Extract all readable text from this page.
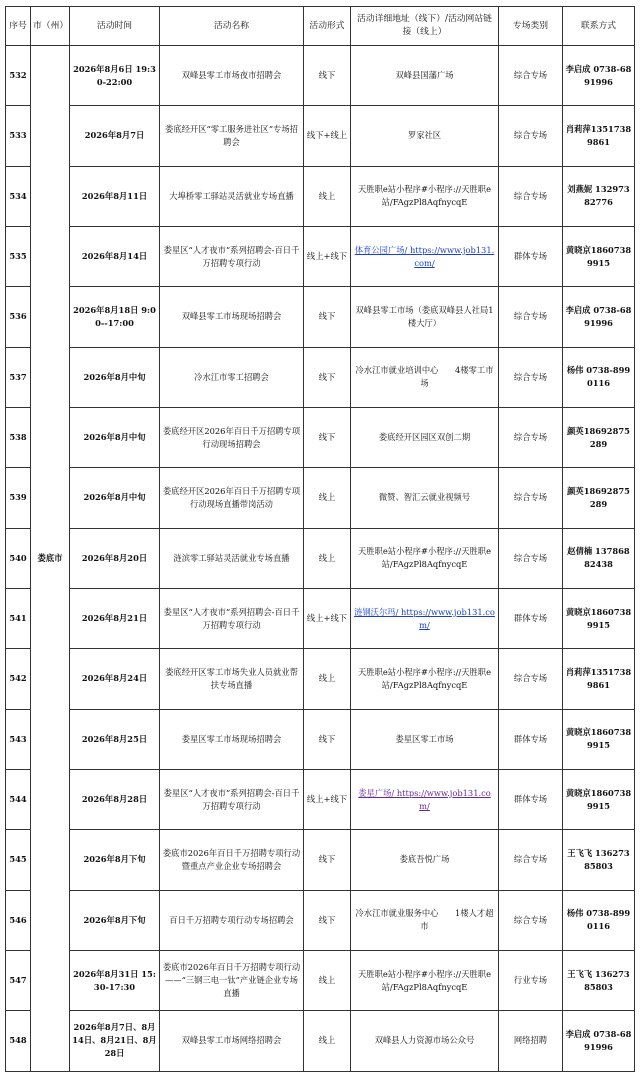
序号	市（州）	活动时间	活动名称	活动形式	活动详细地址（线下）/活动网站链接（线上）	专场类别	联系方式
532	娄底市	2026年8月6日 19:30-22:00	双峰县零工市场夜市招聘会	线下	双峰县国藩广场	综合专场	李启成 0738-6891996
533		2026年8月7日	娄底经开区“零工服务进社区”专场招聘会	线下+线上	罗家社区	综合专场	肖莉萍13517389861
534		2026年8月11日	大埠桥零工驿站灵活就业专场直播	线上	天胜职e站小程序#小程序://天胜职e站/FAgzPl8AqfnycqE	综合专场	刘燕妮 13297382776
535		2026年8月14日	娄星区“人才夜市”系列招聘会-百日千万招聘专项行动	线上+线下	体育公园广场/ https://www.job131.com/	群体专场	黄晓京18607389915
536		2026年8月18日 9:00--17:00	双峰县零工市场现场招聘会	线下	双峰县零工市场（娄底双峰县人社局1楼大厅）	综合专场	李启成 0738-6891996
537		2026年8月中旬	冷水江市零工招聘会	线下	冷水江市就业培训中心　　4楼零工市场	综合专场	杨伟 0738-8990116
538		2026年8月中旬	娄底经开区2026年百日千万招聘专项行动现场招聘会	线下	娄底经开区园区双创二期	综合专场	颜英18692875289
539		2026年8月中旬	娄底经开区2026年百日千万招聘专项行动现场直播带岗活动	线上	微赞、智汇云就业视频号	综合专场	颜英18692875289
540		2026年8月20日	涟滨零工驿站灵活就业专场直播	线上	天胜职e站小程序#小程序://天胜职e站/FAgzPl8AqfnycqE	综合专场	赵倩楠 13786882438
541		2026年8月21日	娄星区“人才夜市”系列招聘会-百日千万招聘专项行动	线上+线下	涟钢沃尔玛/ https://www.job131.com/	群体专场	黄晓京18607389915
542		2026年8月24日	娄底经开区零工市场失业人员就业帮扶专场直播	线上	天胜职e站小程序#小程序://天胜职e站/FAgzPl8AqfnycqE	综合专场	肖莉萍13517389861
543		2026年8月25日	娄星区零工市场现场招聘会	线下	娄星区零工市场	群体专场	黄晓京18607389915
544		2026年8月28日	娄星区“人才夜市”系列招聘会-百日千万招聘专项行动	线上+线下	娄星广场/ https://www.job131.com/	群体专场	黄晓京18607389915
545		2026年8月下旬	娄底市2026年百日千万招聘专项行动暨重点产业企业专场招聘会	线下	娄底吾悦广场	综合专场	王飞飞 13627385803
546		2026年8月下旬	百日千万招聘专项行动专场招聘会	线下	冷水江市就业服务中心　　1楼人才超市	综合专场	杨伟 0738-8990116
547		2026年8月31日 15:30-17:30	娄底市2026年百日千万招聘专项行动——“三钢三电一钛”产业链企业专场直播	线上	天胜职e站小程序#小程序://天胜职e站/FAgzPl8AqfnycqE	行业专场	王飞飞 13627385803
548		2026年8月7日、8月14日、8月21日、8月28日	双峰县零工市场网络招聘会	线上	双峰县人力资源市场公众号	网络招聘	李启成 0738-6891996
